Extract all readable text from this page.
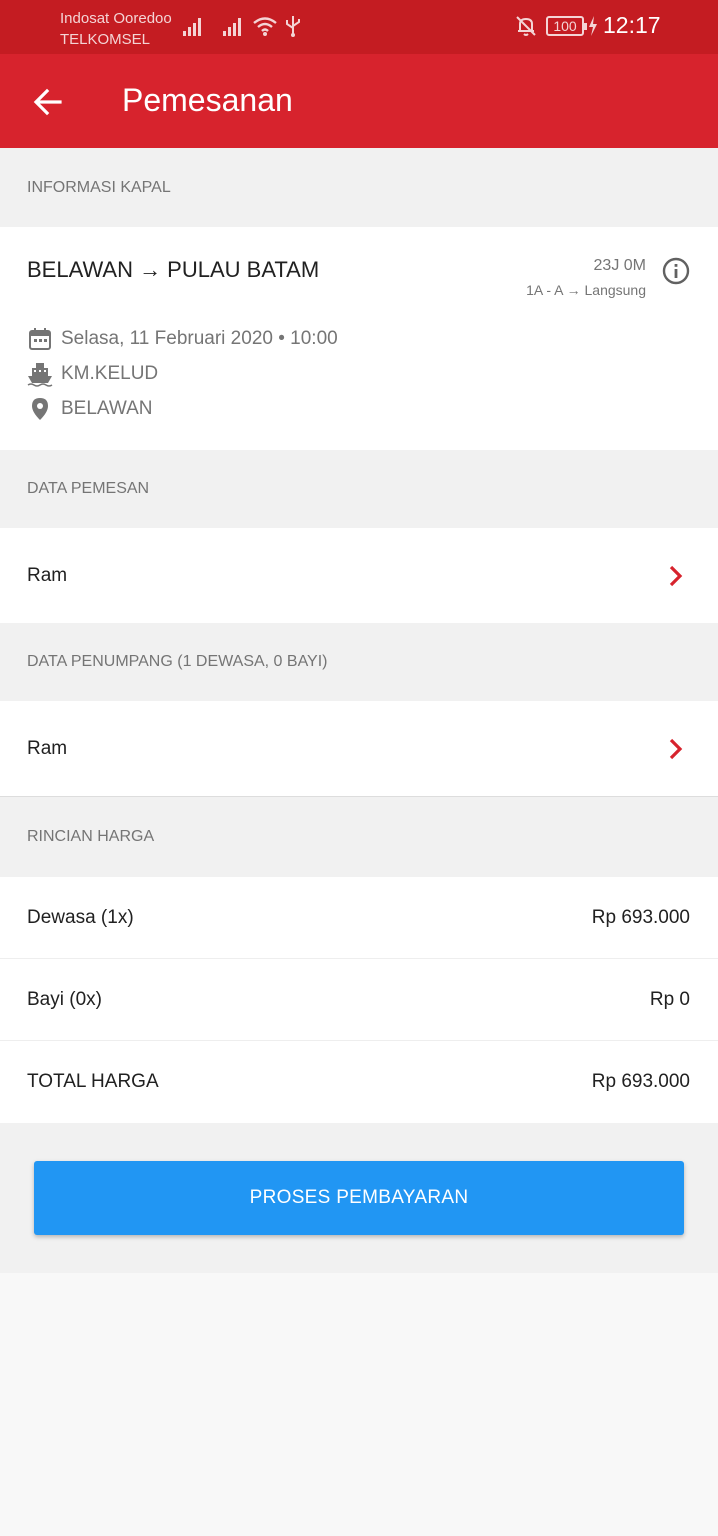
Indosat Ooredoo
TELKOMSEL
100	12:17
Pemesanan
INFORMASI KAPAL
BELAWAN → PULAU BATAM	23J 0M
1A - A → Langsung
Selasa, 11 Februari 2020 • 10:00
KM.KELUD
BELAWAN
DATA PEMESAN
Ram
DATA PENUMPANG (1 DEWASA, 0 BAYI)
Ram
RINCIAN HARGA
Dewasa (1x)	Rp 693.000
Bayi (0x)	Rp 0
TOTAL HARGA	Rp 693.000
PROSES PEMBAYARAN
